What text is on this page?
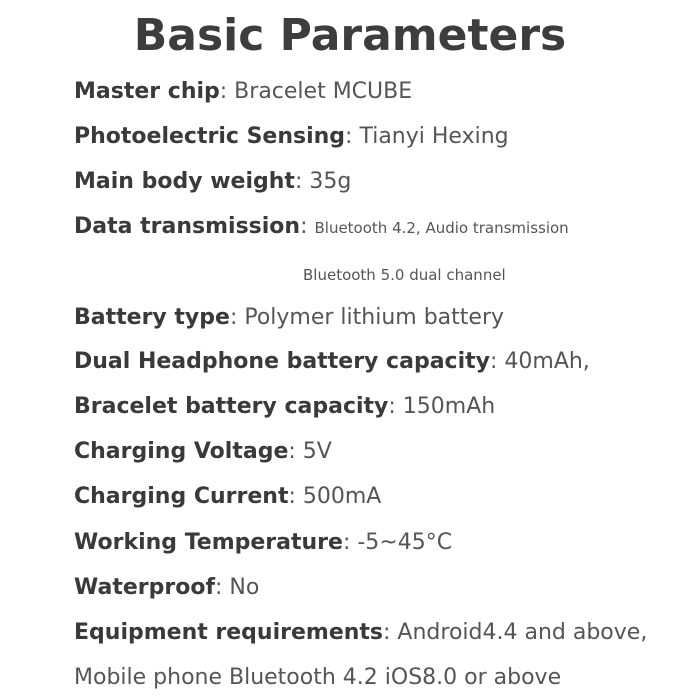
Basic Parameters
Master chip: Bracelet MCUBE
Photoelectric Sensing: Tianyi Hexing
Main body weight: 35g
Data transmission: Bluetooth 4.2, Audio transmission
Bluetooth 5.0 dual channel
Battery type: Polymer lithium battery
Dual Headphone battery capacity: 40mAh,
Bracelet battery capacity: 150mAh
Charging Voltage: 5V
Charging Current: 500mA
Working Temperature: -5~45°C
Waterproof: No
Equipment requirements: Android4.4 and above,
Mobile phone Bluetooth 4.2 iOS8.0 or above
